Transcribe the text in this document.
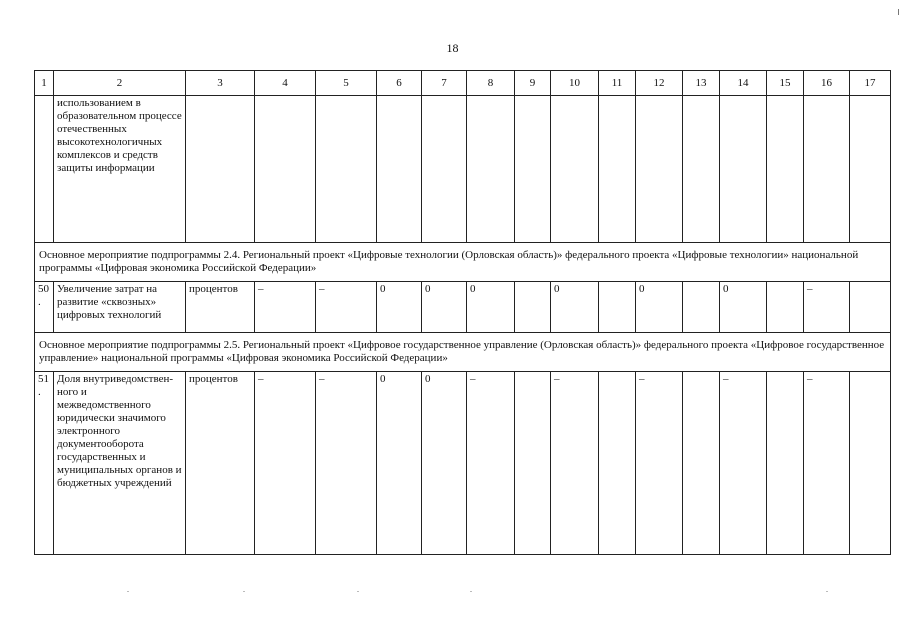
18
1	2	3	4	5	6	7	8	9	10	11	12	13	14	15	16	17
	использованием в образовательном процессе отечественных высокотехнологичных комплексов и средств защиты информации															
Основное мероприятие подпрограммы 2.4. Региональный проект «Цифровые технологии (Орловская область)» федерального проекта «Цифровые технологии» национальной программы «Цифровая экономика Российской Федерации»																
50.	Увеличение затрат на развитие «сквозных» цифровых технологий	процентов	–	–	0	0	0		0		0		0		–	
Основное мероприятие подпрограммы 2.5. Региональный проект «Цифровое государственное управление (Орловская область)» федерального проекта «Цифровое государственное управление» национальной программы «Цифровая экономика Российской Федерации»																
51.	Доля внутриведомственного и межведомственного юридически значимого электронного документооборота государственных и муниципальных органов и бюджетных учреждений	процентов	–	–	0	0	–		–		–		–		–	
